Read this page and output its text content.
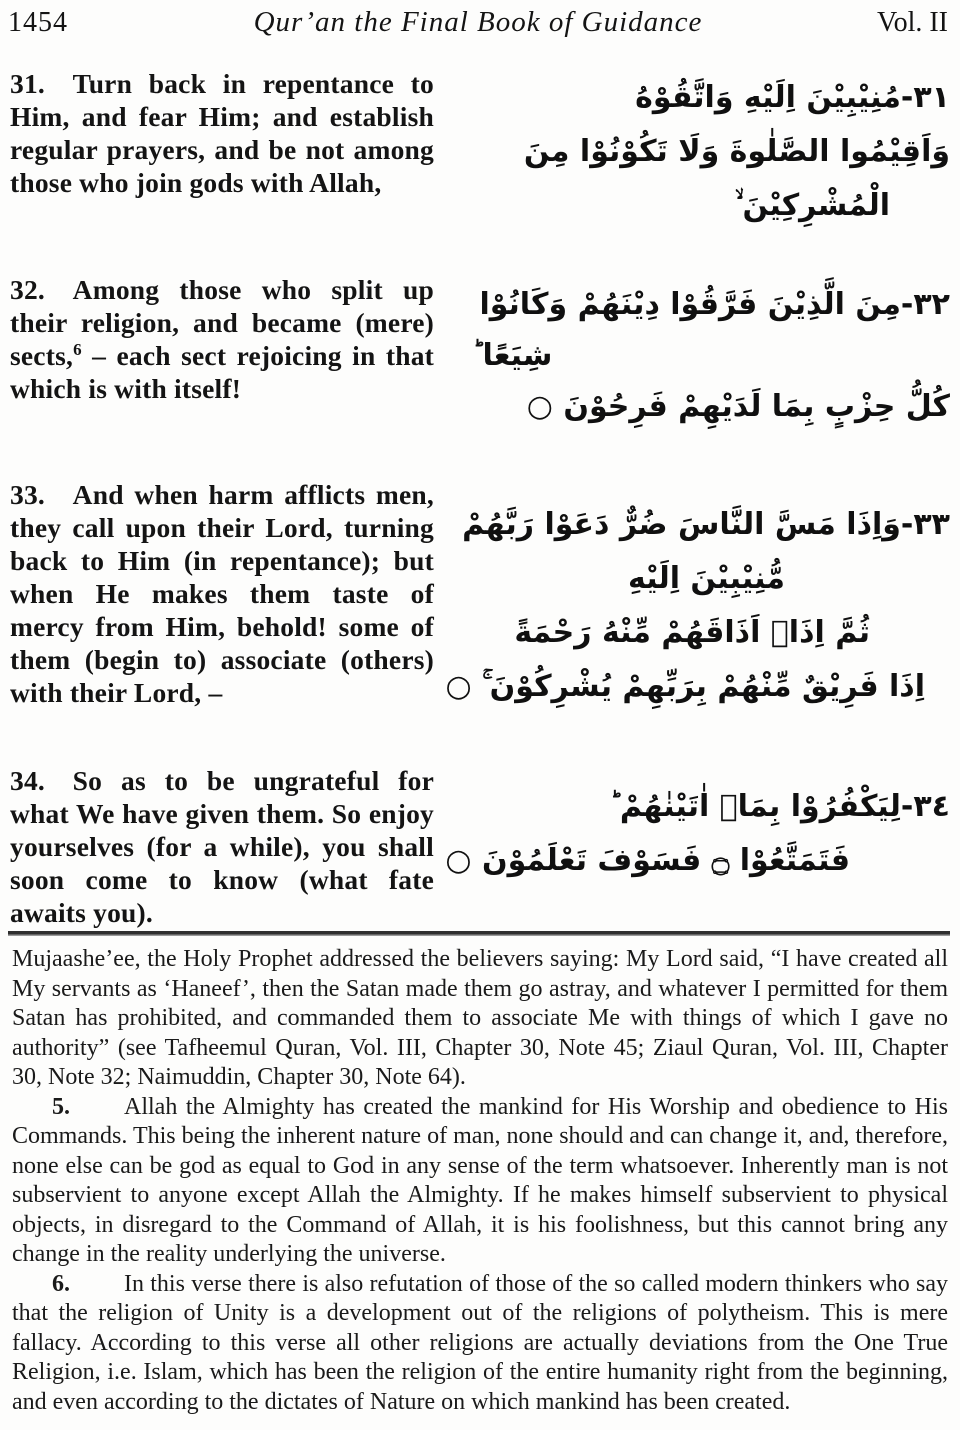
1454	Qur’an the Final Book of Guidance	Vol. II
31. Turn back in repentance to Him, and fear Him; and establish regular prayers, and be not among those who join gods with Allah,
٣١-مُنِيْبِيْنَ اِلَيْهِ وَاتَّقُوْهُ
وَاَقِيْمُوا الصَّلٰوةَ وَلَا تَكُوْنُوْا مِنَ
الْمُشْرِكِيْنَ ۙ
32. Among those who split up their religion, and became (mere) sects,$^6$ – each sect rejoicing in that which is with itself!
٣٢-مِنَ الَّذِيْنَ فَرَّقُوْا دِيْنَهُمْ وَكَانُوْا
شِيَعًا ؕ
كُلُّ حِزْبٍ بِمَا لَدَيْهِمْ فَرِحُوْنَ ○
33. And when harm afflicts men, they call upon their Lord, turning back to Him (in repentance); but when He makes them taste of mercy from Him, behold! some of them (begin to) associate (others) with their Lord, –
٣٣-وَاِذَا مَسَّ النَّاسَ ضُرٌّ دَعَوْا رَبَّهُمْ
مُّنِيْبِيْنَ اِلَيْهِ
ثُمَّ اِذَاۤ اَذَاقَهُمْ مِّنْهُ رَحْمَةً
اِذَا فَرِيْقٌ مِّنْهُمْ بِرَبِّهِمْ يُشْرِكُوْنَ ۚ ○
34. So as to be ungrateful for what We have given them. So enjoy yourselves (for a while), you shall soon come to know (what fate awaits you).
٣٤-لِيَكْفُرُوْا بِمَاۤ اٰتَيْنٰهُمْ ؕ
فَتَمَتَّعُوْا ۝ فَسَوْفَ تَعْلَمُوْنَ ○

Mujaashe’ee, the Holy Prophet addressed the believers saying: My Lord said, “I have created all My servants as ‘Haneef’, then the Satan made them go astray, and whatever I permitted for them Satan has prohibited, and commanded them to associate Me with things of which I gave no authority” (see Tafheemul Quran, Vol. III, Chapter 30, Note 45; Ziaul Quran, Vol. III, Chapter 30, Note 32; Naimuddin, Chapter 30, Note 64).

5. Allah the Almighty has created the mankind for His Worship and obedience to His Commands. This being the inherent nature of man, none should and can change it, and, therefore, none else can be god as equal to God in any sense of the term whatsoever. Inherently man is not subservient to anyone except Allah the Almighty. If he makes himself subservient to physical objects, in disregard to the Command of Allah, it is his foolishness, but this cannot bring any change in the reality underlying the universe.

6. In this verse there is also refutation of those of the so called modern thinkers who say that the religion of Unity is a development out of the religions of polytheism. This is mere fallacy. According to this verse all other religions are actually deviations from the One True Religion, i.e. Islam, which has been the religion of the entire humanity right from the beginning, and even according to the dictates of Nature on which mankind has been created.
